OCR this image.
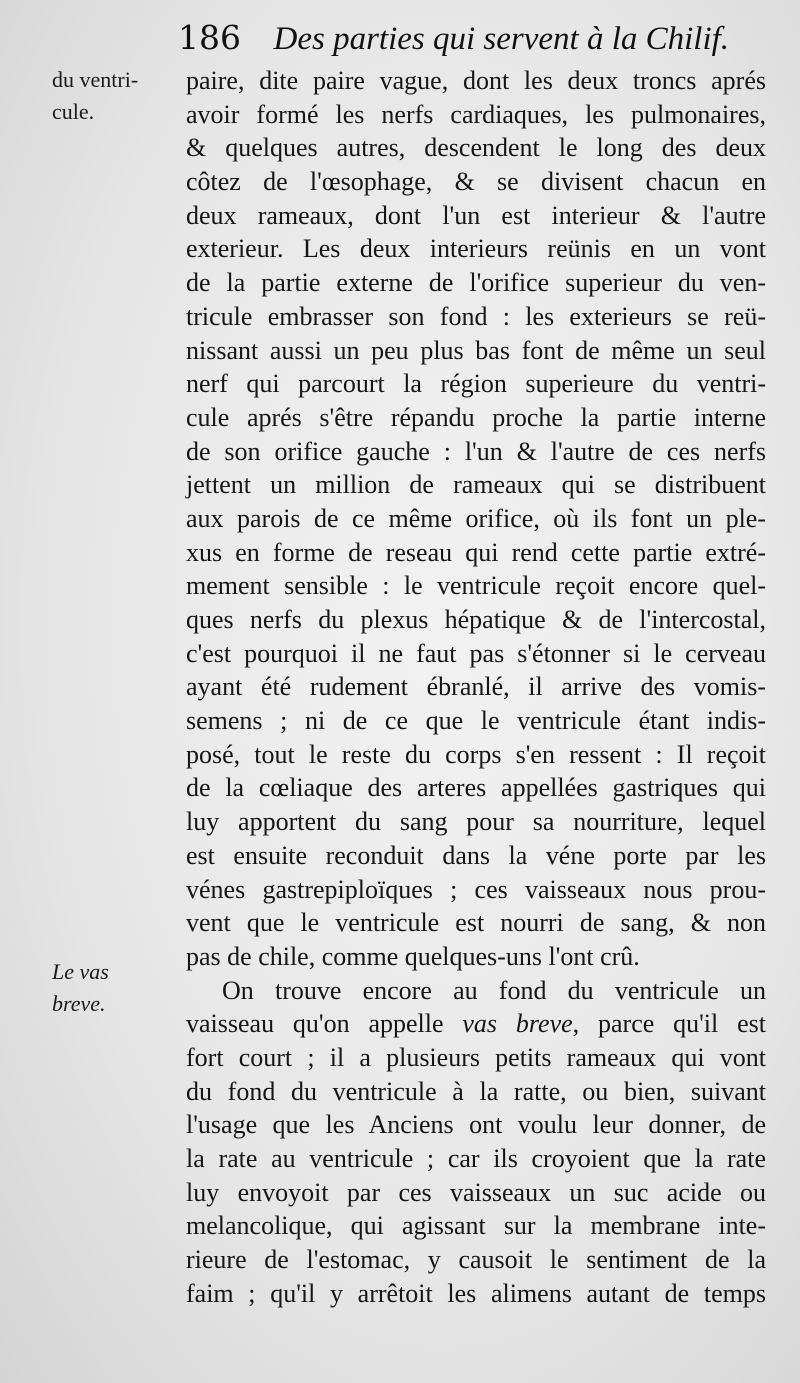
186 Des parties qui servent à la Chilif.
du ventri-
cule.
Le vas
breve.
paire, dite paire vague, dont les deux troncs aprés
avoir formé les nerfs cardiaques, les pulmonaires,
& quelques autres, descendent le long des deux
côtez de l'œsophage, & se divisent chacun en
deux rameaux, dont l'un est interieur & l'autre
exterieur. Les deux interieurs reünis en un vont
de la partie externe de l'orifice superieur du ven-
tricule embrasser son fond : les exterieurs se reü-
nissant aussi un peu plus bas font de même un seul
nerf qui parcourt la région superieure du ventri-
cule aprés s'être répandu proche la partie interne
de son orifice gauche : l'un & l'autre de ces nerfs
jettent un million de rameaux qui se distribuent
aux parois de ce même orifice, où ils font un ple-
xus en forme de reseau qui rend cette partie extré-
mement sensible : le ventricule reçoit encore quel-
ques nerfs du plexus hépatique & de l'intercostal,
c'est pourquoi il ne faut pas s'étonner si le cerveau
ayant été rudement ébranlé, il arrive des vomis-
semens ; ni de ce que le ventricule étant indis-
posé, tout le reste du corps s'en ressent : Il reçoit
de la cœliaque des arteres appellées gastriques qui
luy apportent du sang pour sa nourriture, lequel
est ensuite reconduit dans la véne porte par les
vénes gastrepiploïques ; ces vaisseaux nous prou-
vent que le ventricule est nourri de sang, & non
pas de chile, comme quelques-uns l'ont crû.
On trouve encore au fond du ventricule un
vaisseau qu'on appelle vas breve, parce qu'il est
fort court ; il a plusieurs petits rameaux qui vont
du fond du ventricule à la ratte, ou bien, suivant
l'usage que les Anciens ont voulu leur donner, de
la rate au ventricule ; car ils croyoient que la rate
luy envoyoit par ces vaisseaux un suc acide ou
melancolique, qui agissant sur la membrane inte-
rieure de l'estomac, y causoit le sentiment de la
faim ; qu'il y arrêtoit les alimens autant de temps
